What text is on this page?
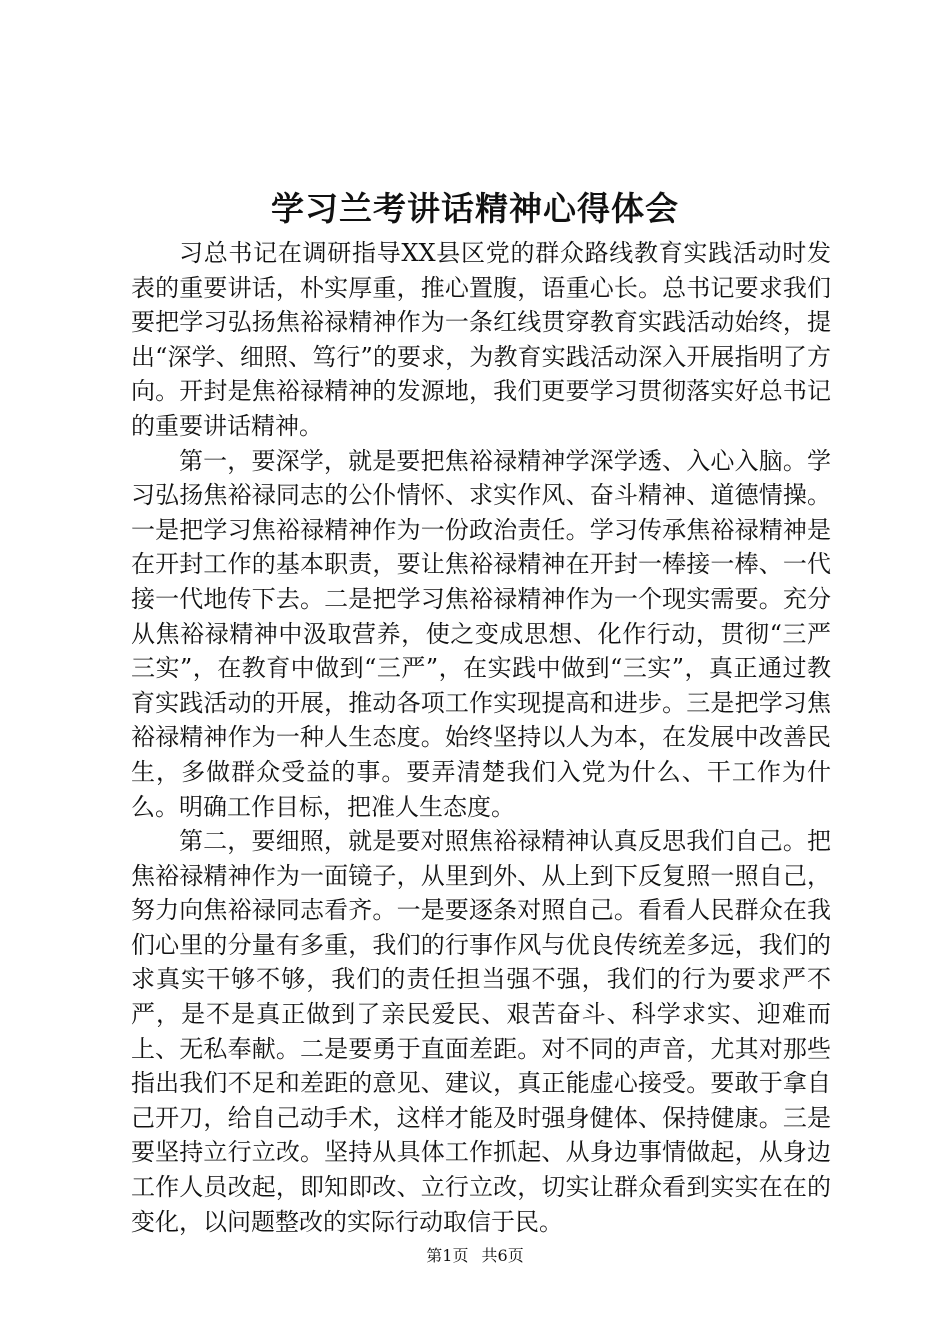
学习兰考讲话精神心得体会

习总书记在调研指导XX县区党的群众路线教育实践活动时发表的重要讲话，朴实厚重，推心置腹，语重心长。总书记要求我们要把学习弘扬焦裕禄精神作为一条红线贯穿教育实践活动始终，提出“深学、细照、笃行”的要求，为教育实践活动深入开展指明了方向。开封是焦裕禄精神的发源地，我们更要学习贯彻落实好总书记的重要讲话精神。

第一，要深学，就是要把焦裕禄精神学深学透、入心入脑。学习弘扬焦裕禄同志的公仆情怀、求实作风、奋斗精神、道德情操。一是把学习焦裕禄精神作为一份政治责任。学习传承焦裕禄精神是在开封工作的基本职责，要让焦裕禄精神在开封一棒接一棒、一代接一代地传下去。二是把学习焦裕禄精神作为一个现实需要。充分从焦裕禄精神中汲取营养，使之变成思想、化作行动，贯彻“三严三实”，在教育中做到“三严”，在实践中做到“三实”，真正通过教育实践活动的开展，推动各项工作实现提高和进步。三是把学习焦裕禄精神作为一种人生态度。始终坚持以人为本，在发展中改善民生，多做群众受益的事。要弄清楚我们入党为什么、干工作为什么。明确工作目标，把准人生态度。

第二，要细照，就是要对照焦裕禄精神认真反思我们自己。把焦裕禄精神作为一面镜子，从里到外、从上到下反复照一照自己，努力向焦裕禄同志看齐。一是要逐条对照自己。看看人民群众在我们心里的分量有多重，我们的行事作风与优良传统差多远，我们的求真实干够不够，我们的责任担当强不强，我们的行为要求严不严，是不是真正做到了亲民爱民、艰苦奋斗、科学求实、迎难而上、无私奉献。二是要勇于直面差距。对不同的声音，尤其对那些指出我们不足和差距的意见、建议，真正能虚心接受。要敢于拿自己开刀，给自己动手术，这样才能及时强身健体、保持健康。三是要坚持立行立改。坚持从具体工作抓起、从身边事情做起，从身边工作人员改起，即知即改、立行立改，切实让群众看到实实在在的变化，以问题整改的实际行动取信于民。

第1页 共6页
